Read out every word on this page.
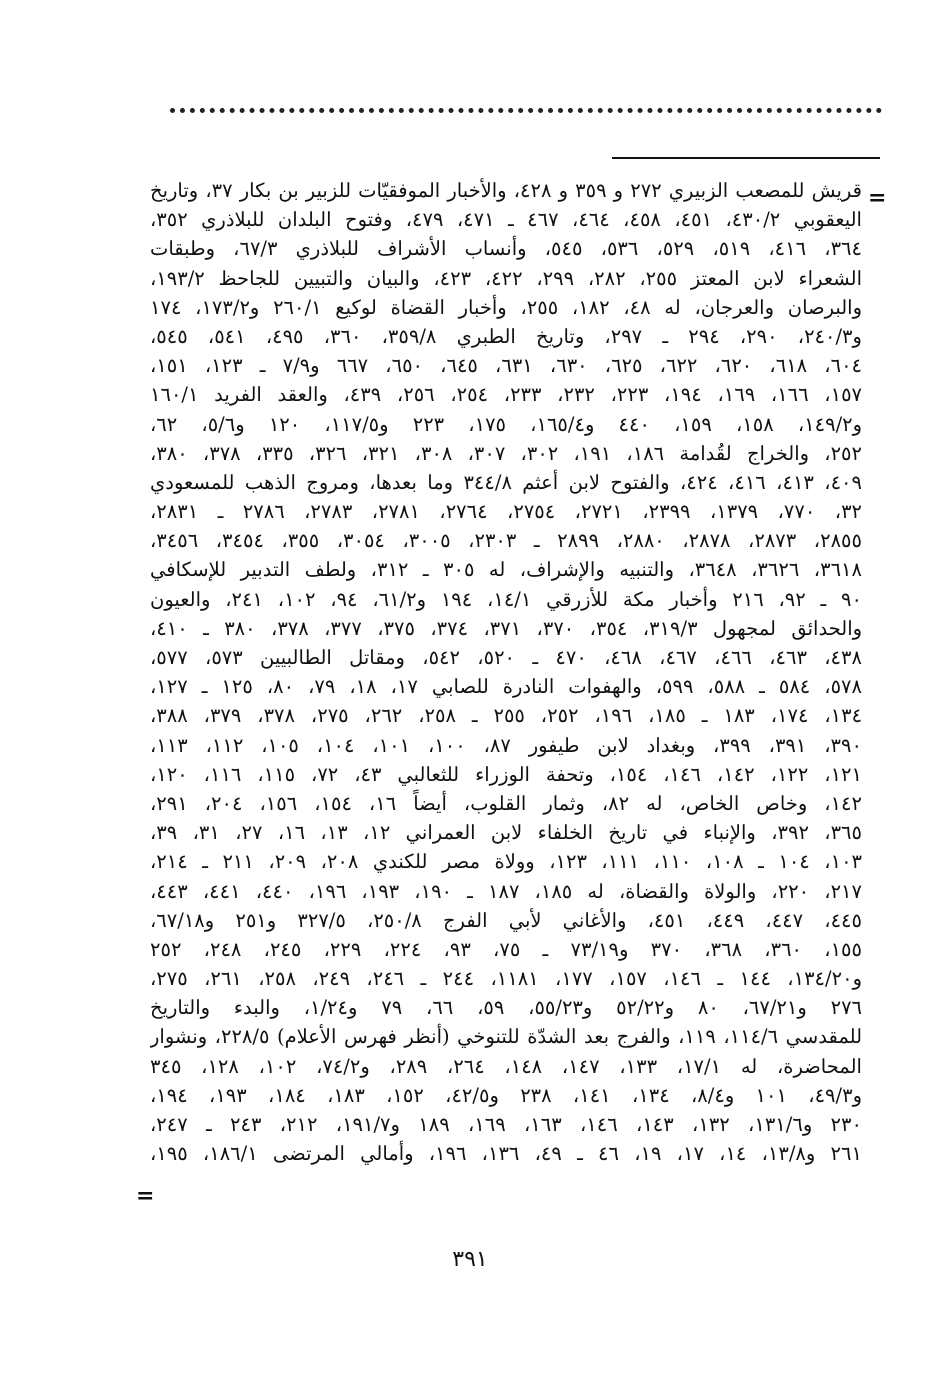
=
قريش للمصعب الزبيري ٢٧٢ و ٣٥٩ و ٤٢٨، والأخبار الموفقيّات للزبير بن بكار ٣٧، وتاريخ
اليعقوبي ٤٣٠/٢، ٤٥١، ٤٥٨، ٤٦٤، ٤٦٧ ـ ٤٧١، ٤٧٩، وفتوح البلدان للبلاذري ٣٥٢،
٣٦٤، ٤١٦، ٥١٩، ٥٢٩، ٥٣٦، ٥٤٥، وأنساب الأشراف للبلاذري ٦٧/٣، وطبقات
الشعراء لابن المعتز ٢٥٥، ٢٨٢، ٢٩٩، ٤٢٢، ٤٢٣، والبيان والتبيين للجاحظ ١٩٣/٢،
والبرصان والعرجان، له ٤٨، ١٨٢، ٢٥٥، وأخبار القضاة لوكيع ٢٦٠/١ و١٧٣/٢، ١٧٤
و٢٤٠/٣، ٢٩٠، ٢٩٤ ـ ٢٩٧، وتاريخ الطبري ٣٥٩/٨، ٣٦٠، ٤٩٥، ٥٤١، ٥٤٥،
٦٠٤، ٦١٨، ٦٢٠، ٦٢٢، ٦٢٥، ٦٣٠، ٦٣١، ٦٤٥، ٦٥٠، ٦٦٧ و٧/٩ ـ ١٢٣، ١٥١،
١٥٧، ١٦٦، ١٦٩، ١٩٤، ٢٢٣، ٢٣٢، ٢٣٣، ٢٥٤، ٢٥٦، ٤٣٩، والعقد الفريد ١٦٠/١
و١٤٩/٢، ١٥٨، ١٥٩، ٤٤٠ و١٦٥/٤، ١٧٥، ٢٢٣ و١١٧/٥، ١٢٠ و٥/٦، ٦٢،
٢٥٢، والخراج لقُدامة ١٨٦، ١٩١، ٣٠٢، ٣٠٧، ٣٠٨، ٣٢١، ٣٢٦، ٣٣٥، ٣٧٨، ٣٨٠،
٤٠٩، ٤١٣، ٤١٦، ٤٢٤، والفتوح لابن أعثم ٣٤٤/٨ وما بعدها، ومروج الذهب للمسعودي
٣٢، ٧٧٠، ١٣٧٩، ٢٣٩٩، ٢٧٢١، ٢٧٥٤، ٢٧٦٤، ٢٧٨١، ٢٧٨٣، ٢٧٨٦ ـ ٢٨٣١،
٢٨٥٥، ٢٨٧٣، ٢٨٧٨، ٢٨٨٠، ٢٨٩٩ ـ ٢٣٠٣، ٣٠٠٥، ٣٠٥٤، ٣٥٥، ٣٤٥٤، ٣٤٥٦،
٣٦١٨، ٣٦٢٦، ٣٦٤٨، والتنبيه والإشراف، له ٣٠٥ ـ ٣١٢، ولطف التدبير للإسكافي
٩٠ ـ ٩٢، ٢١٦ وأخبار مكة للأزرقي ١٤/١، ١٩٤ و٦١/٢، ٩٤، ١٠٢، ٢٤١، والعيون
والحدائق لمجهول ٣١٩/٣، ٣٥٤، ٣٧٠، ٣٧١، ٣٧٤، ٣٧٥، ٣٧٧، ٣٧٨، ٣٨٠ ـ ٤١٠،
٤٣٨، ٤٦٣، ٤٦٦، ٤٦٧، ٤٦٨، ٤٧٠ ـ ٥٢٠، ٥٤٢، ومقاتل الطالبيين ٥٧٣، ٥٧٧،
٥٧٨، ٥٨٤ ـ ٥٨٨، ٥٩٩، والهفوات النادرة للصابي ١٧، ١٨، ٧٩، ٨٠، ١٢٥ ـ ١٢٧،
١٣٤، ١٧٤، ١٨٣ ـ ١٨٥، ١٩٦، ٢٥٢، ٢٥٥ ـ ٢٥٨، ٢٦٢، ٢٧٥، ٣٧٨، ٣٧٩، ٣٨٨،
٣٩٠، ٣٩١، ٣٩٩، وبغداد لابن طيفور ٨٧، ١٠٠، ١٠١، ١٠٤، ١٠٥، ١١٢، ١١٣،
١٢١، ١٢٢، ١٤٢، ١٤٦، ١٥٤، وتحفة الوزراء للثعالبي ٤٣، ٧٢، ١١٥، ١١٦، ١٢٠،
١٤٢، وخاص الخاص، له ٨٢، وثمار القلوب، أيضاً ١٦، ١٥٤، ١٥٦، ٢٠٤، ٢٩١،
٣٦٥، ٣٩٢، والإنباء في تاريخ الخلفاء لابن العمراني ١٢، ١٣، ١٦، ٢٧، ٣١، ٣٩،
١٠٣، ١٠٤ ـ ١٠٨، ١١٠، ١١١، ١٢٣، وولاة مصر للكندي ٢٠٨، ٢٠٩، ٢١١ ـ ٢١٤،
٢١٧، ٢٢٠، والولاة والقضاة، له ١٨٥، ١٨٧ ـ ١٩٠، ١٩٣، ١٩٦، ٤٤٠، ٤٤١، ٤٤٣،
٤٤٥، ٤٤٧، ٤٤٩، ٤٥١، والأغاني لأبي الفرج ٢٥٠/٨، ٣٢٧/٥ و٢٥١ و٦٧/١٨،
١٥٥، ٣٦٠، ٣٦٨، ٣٧٠ و٧٣/١٩ ـ ٧٥، ٩٣، ٢٢٤، ٢٢٩، ٢٤٥، ٢٤٨، ٢٥٢
و١٣٤/٢٠، ١٤٤ ـ ١٤٦، ١٥٧، ١٧٧، ١١٨١، ٢٤٤ ـ ٢٤٦، ٢٤٩، ٢٥٨، ٢٦١، ٢٧٥،
٢٧٦ و٦٧/٢١، ٨٠ و٥٢/٢٢ و٥٥/٢٣، ٥٩، ٦٦، ٧٩ و١/٢٤، والبدء والتاريخ
للمقدسي ١١٤/٦، ١١٩، والفرج بعد الشدّة للتنوخي (أنظر فهرس الأعلام) ٢٢٨/٥، ونشوار
المحاضرة، له ١٧/١، ١٣٣، ١٤٧، ١٤٨، ٢٦٤، ٢٨٩، و٧٤/٢، ١٠٢، ١٢٨، ٣٤٥
و٤٩/٣، ١٠١ و٨/٤، ١٣٤، ١٤١، ٢٣٨ و٤٢/٥، ١٥٢، ١٨٣، ١٨٤، ١٩٣، ١٩٤،
٢٣٠ و١٣١/٦، ١٣٢، ١٤٣، ١٤٦، ١٦٣، ١٦٩، ١٨٩ و١٩١/٧، ٢١٢، ٢٤٣ ـ ٢٤٧،
٢٦١ و١٣/٨، ١٤، ١٧، ١٩، ٤٦ ـ ٤٩، ١٣٦، ١٩٦، وأمالي المرتضى ١٨٦/١، ١٩٥،
=
٣٩١
